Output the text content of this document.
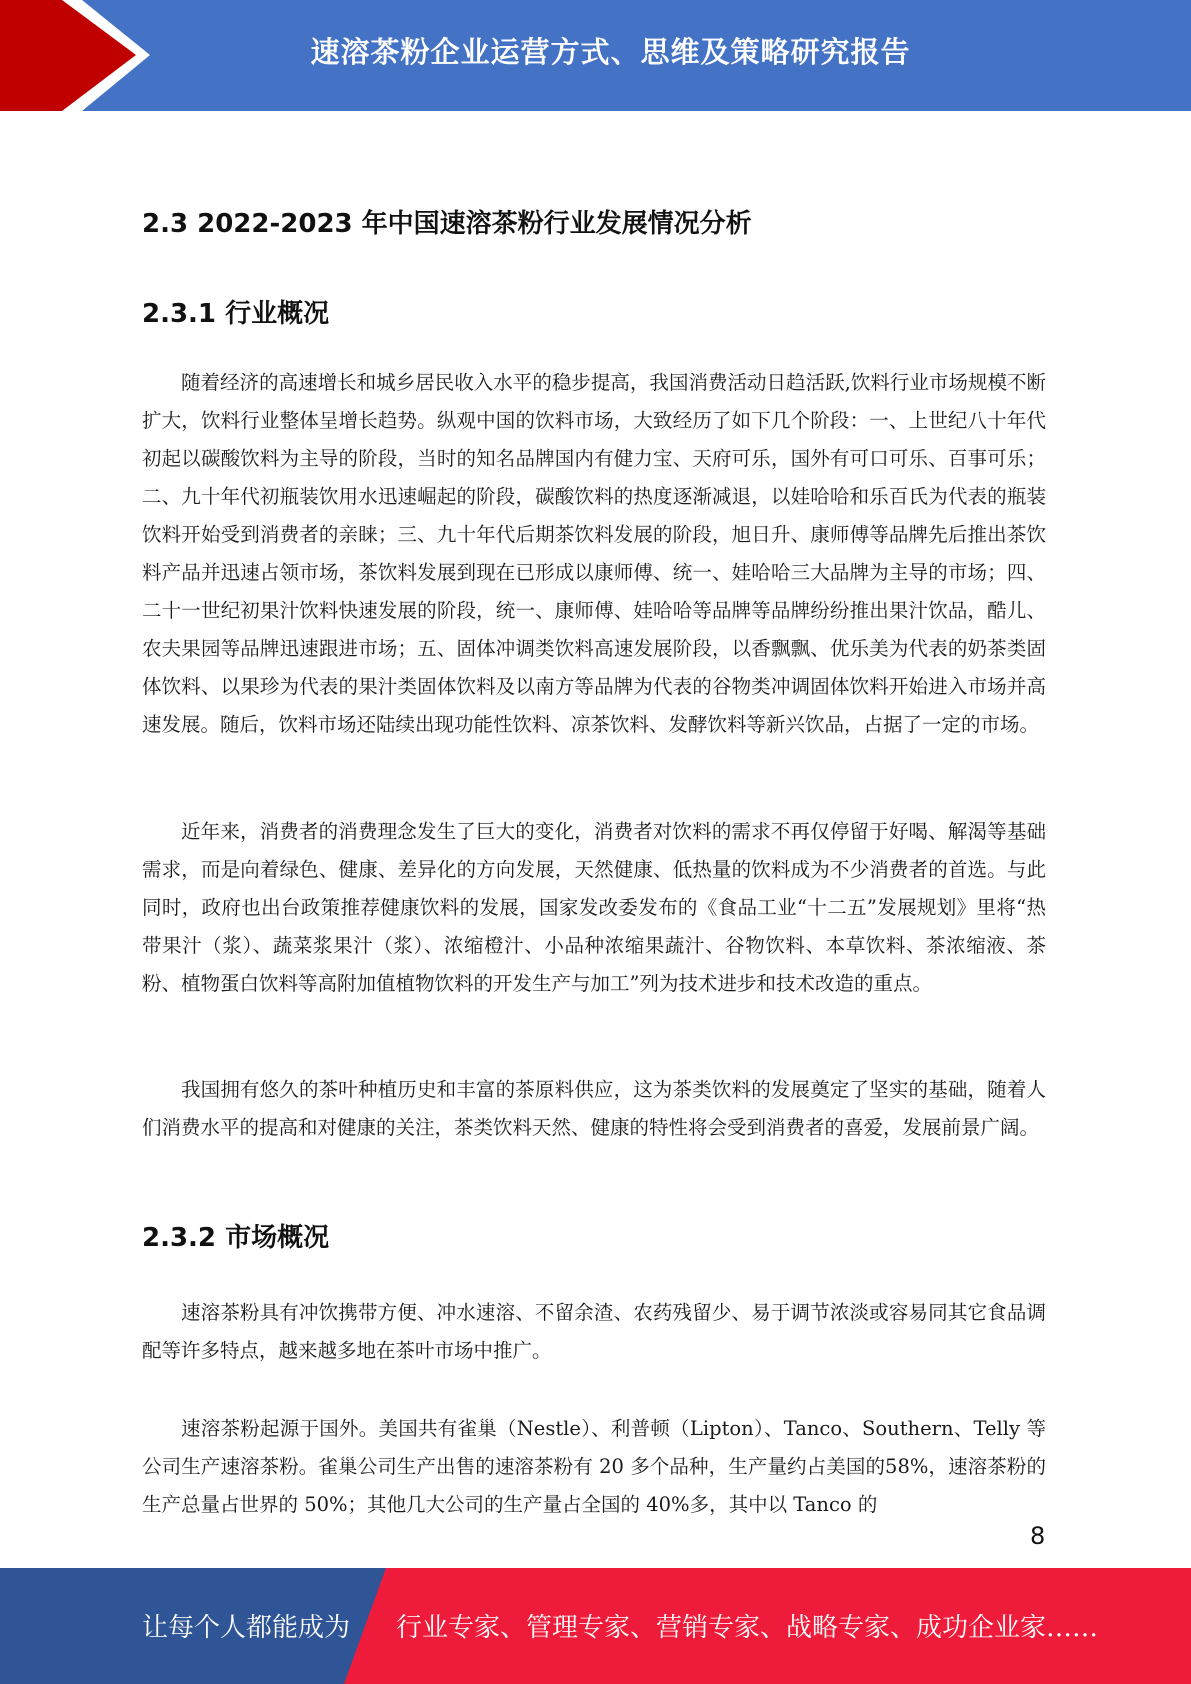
速溶茶粉企业运营方式、思维及策略研究报告
2.3 2022-2023 年中国速溶茶粉行业发展情况分析
2.3.1 行业概况

随着经济的高速增长和城乡居民收入水平的稳步提高，我国消费活动日趋活跃,饮料行业市场规模不断扩大，饮料行业整体呈增长趋势。纵观中国的饮料市场，大致经历了如下几个阶段：一、上世纪八十年代初起以碳酸饮料为主导的阶段，当时的知名品牌国内有健力宝、天府可乐，国外有可口可乐、百事可乐；二、九十年代初瓶装饮用水迅速崛起的阶段，碳酸饮料的热度逐渐减退，以娃哈哈和乐百氏为代表的瓶装饮料开始受到消费者的亲睐；三、九十年代后期茶饮料发展的阶段，旭日升、康师傅等品牌先后推出茶饮料产品并迅速占领市场，茶饮料发展到现在已形成以康师傅、统一、娃哈哈三大品牌为主导的市场；四、二十一世纪初果汁饮料快速发展的阶段，统一、康师傅、娃哈哈等品牌等品牌纷纷推出果汁饮品，酷儿、农夫果园等品牌迅速跟进市场；五、固体冲调类饮料高速发展阶段，以香飘飘、优乐美为代表的奶茶类固体饮料、以果珍为代表的果汁类固体饮料及以南方等品牌为代表的谷物类冲调固体饮料开始进入市场并高速发展。随后，饮料市场还陆续出现功能性饮料、凉茶饮料、发酵饮料等新兴饮品，占据了一定的市场。

近年来，消费者的消费理念发生了巨大的变化，消费者对饮料的需求不再仅停留于好喝、解渴等基础需求，而是向着绿色、健康、差异化的方向发展，天然健康、低热量的饮料成为不少消费者的首选。与此同时，政府也出台政策推荐健康饮料的发展，国家发改委发布的《食品工业“十二五”发展规划》里将“热带果汁（浆）、蔬菜浆果汁（浆）、浓缩橙汁、小品种浓缩果蔬汁、谷物饮料、本草饮料、茶浓缩液、茶粉、植物蛋白饮料等高附加值植物饮料的开发生产与加工”列为技术进步和技术改造的重点。

我国拥有悠久的茶叶种植历史和丰富的茶原料供应，这为茶类饮料的发展奠定了坚实的基础，随着人们消费水平的提高和对健康的关注，茶类饮料天然、健康的特性将会受到消费者的喜爱，发展前景广阔。

2.3.2 市场概况

速溶茶粉具有冲饮携带方便、冲水速溶、不留余渣、农药残留少、易于调节浓淡或容易同其它食品调配等许多特点，越来越多地在茶叶市场中推广。

速溶茶粉起源于国外。美国共有雀巢（Nestle）、利普顿（Lipton）、Tanco、Southern、Telly 等公司生产速溶茶粉。雀巢公司生产出售的速溶茶粉有 20 多个品种，生产量约占美国的58%，速溶茶粉的生产总量占世界的 50%；其他几大公司的生产量占全国的 40%多，其中以 Tanco 的

8
让每个人都能成为 行业专家、管理专家、营销专家、战略专家、成功企业家……
